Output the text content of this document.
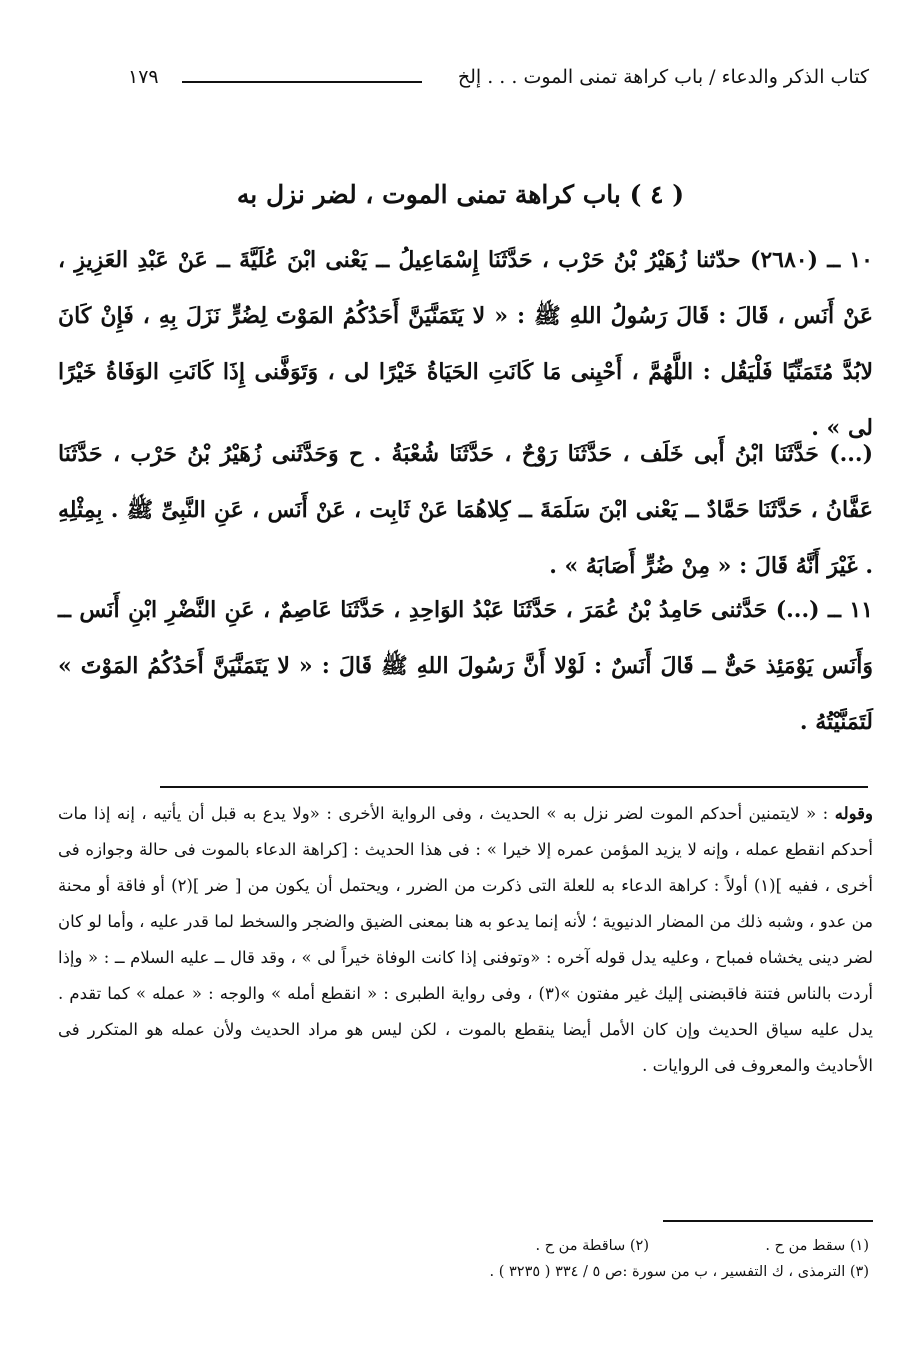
كتاب الذكر والدعاء / باب كراهة تمنى الموت . . . إلخ
١٧٩
( ٤ ) باب كراهة تمنى الموت ، لضر نزل به

١٠ ــ (٢٦٨٠) حدّثنا زُهَيْرُ بْنُ حَرْب ، حَدَّثَنَا إِسْمَاعِيلُ ــ يَعْنى ابْنَ عُلَيَّةَ ــ عَنْ عَبْدِ العَزِيزِ ، عَنْ أَنَس ، قَالَ : قَالَ رَسُولُ اللهِ ﷺ : « لا يَتَمَنَّيَنَّ أَحَدُكُمُ المَوْتَ لِضُرٍّ نَزَلَ بِهِ ، فَإِنْ كَانَ لابُدَّ مُتَمَنِّيًا فَلْيَقُل : اللَّهُمَّ ، أَحْيِنى مَا كَانَتِ الحَيَاةُ خَيْرًا لى ، وَتَوَفَّنى إِذَا كَانَتِ الوَفَاةُ خَيْرًا لى » .

(...) حَدَّثَنَا ابْنُ أَبى خَلَف ، حَدَّثَنَا رَوْحٌ ، حَدَّثَنَا شُعْبَةُ . ح وَحَدَّثَنى زُهَيْرُ بْنُ حَرْب ، حَدَّثَنَا عَفَّانُ ، حَدَّثَنَا حَمَّادٌ ــ يَعْنى ابْنَ سَلَمَةَ ــ كِلاهُمَا عَنْ ثَابِت ، عَنْ أَنَس ، عَنِ النَّبِىِّ ﷺ . بِمِثْلِهِ . غَيْرَ أَنَّهُ قَالَ : « مِنْ ضُرٍّ أَصَابَهُ » .

١١ ــ (...) حَدَّثنى حَامِدُ بْنُ عُمَرَ ، حَدَّثَنَا عَبْدُ الوَاحِدِ ، حَدَّثَنَا عَاصِمٌ ، عَنِ النَّضْرِ ابْنِ أَنَس ــ وَأَنَس يَوْمَئِذ حَىٌّ ــ قَالَ أَنَسٌ : لَوْلا أَنَّ رَسُولَ اللهِ ﷺ قَالَ : « لا يَتَمَنَّيَنَّ أَحَدُكُمُ المَوْتَ » لَتَمَنَّيْتُهُ .

وقوله : « لايتمنين أحدكم الموت لضر نزل به » الحديث ، وفى الرواية الأخرى : «ولا يدع به قبل أن يأتيه ، إنه إذا مات أحدكم انقطع عمله ، وإنه لا يزيد المؤمن عمره إلا خيرا » : فى هذا الحديث : [كراهة الدعاء بالموت فى حالة وجوازه فى أخرى ، ففيه ](١) أولاً : كراهة الدعاء به للعلة التى ذكرت من الضرر ، ويحتمل أن يكون من [ ضر ](٢) أو فاقة أو محنة من عدو ، وشبه ذلك من المضار الدنيوية ؛ لأنه إنما يدعو به هنا بمعنى الضيق والضجر والسخط لما قدر عليه ، وأما لو كان لضر دينى يخشاه فمباح ، وعليه يدل قوله آخره : «وتوفنى إذا كانت الوفاة خيراً لى » ، وقد قال ــ عليه السلام ــ : « وإذا أردت بالناس فتنة فاقبضنى إليك غير مفتون »(٣) ، وفى رواية الطبرى : « انقطع أمله » والوجه : « عمله » كما تقدم . يدل عليه سياق الحديث وإن كان الأمل أيضا ينقطع بالموت ، لكن ليس هو مراد الحديث ولأن عمله هو المتكرر فى الأحاديث والمعروف فى الروايات .

(١) سقط من ح .
(٢) ساقطة من ح .
(٣) الترمذى ، ك التفسير ، ب من سورة :ص ٥ / ٣٣٤ ( ٣٢٣٥ ) .
